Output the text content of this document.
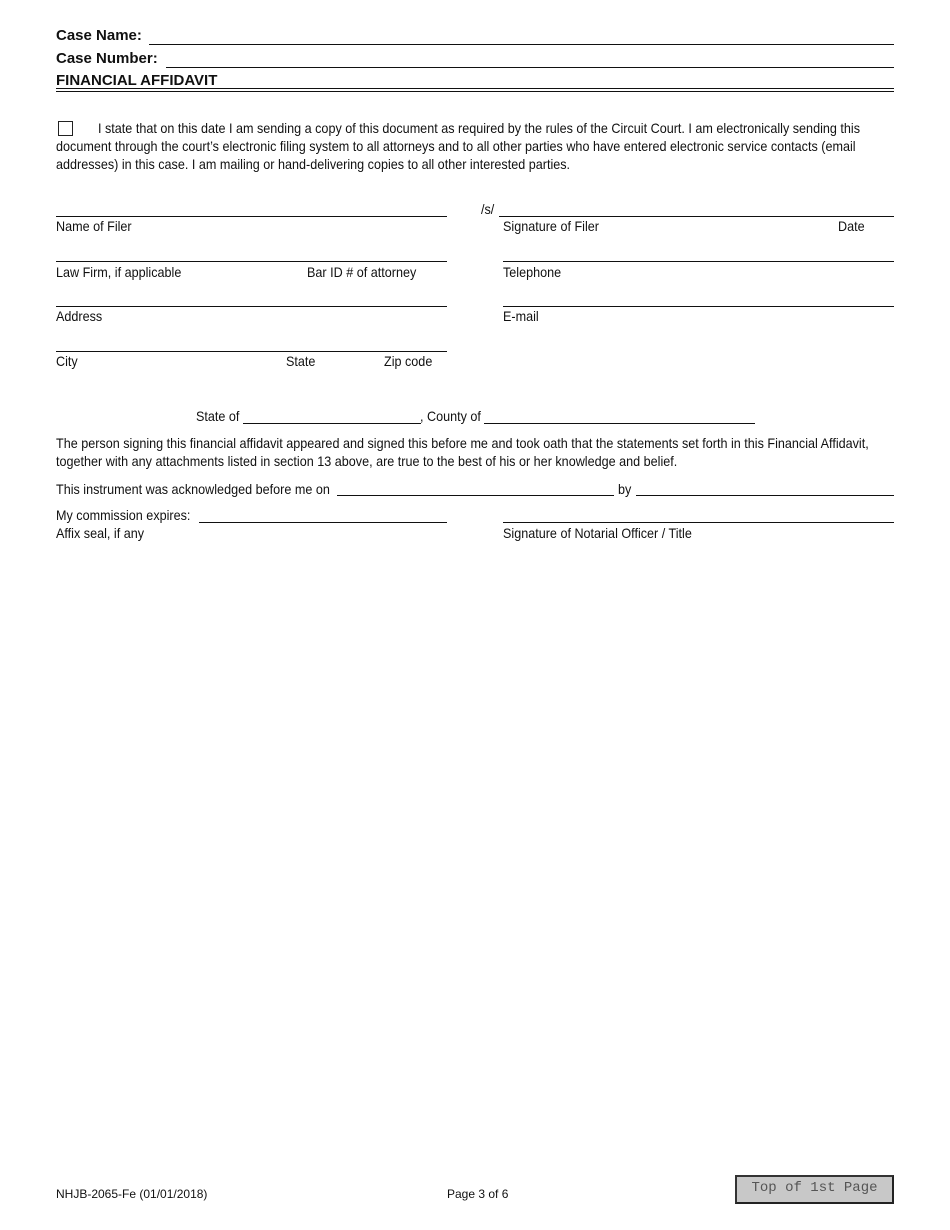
Case Name:
Case Number:
FINANCIAL AFFIDAVIT
I state that on this date I am sending a copy of this document as required by the rules of the Circuit Court. I am electronically sending this
document through the court’s electronic filing system to all attorneys and to all other parties who have entered electronic service contacts (email
addresses) in this case. I am mailing or hand-delivering copies to all other interested parties.
/s/
Name of Filer	Signature of Filer	Date
Law Firm, if applicable	Bar ID # of attorney	Telephone
Address	E-mail
City	State	Zip code
State of	, County of
The person signing this financial affidavit appeared and signed this before me and took oath that the statements set forth in this Financial Affidavit,
together with any attachments listed in section 13 above, are true to the best of his or her knowledge and belief.
This instrument was acknowledged before me on	by
My commission expires:
Affix seal, if any	Signature of Notarial Officer / Title
NHJB-2065-Fe (01/01/2018)	Page 3 of 6	Top of 1st Page
